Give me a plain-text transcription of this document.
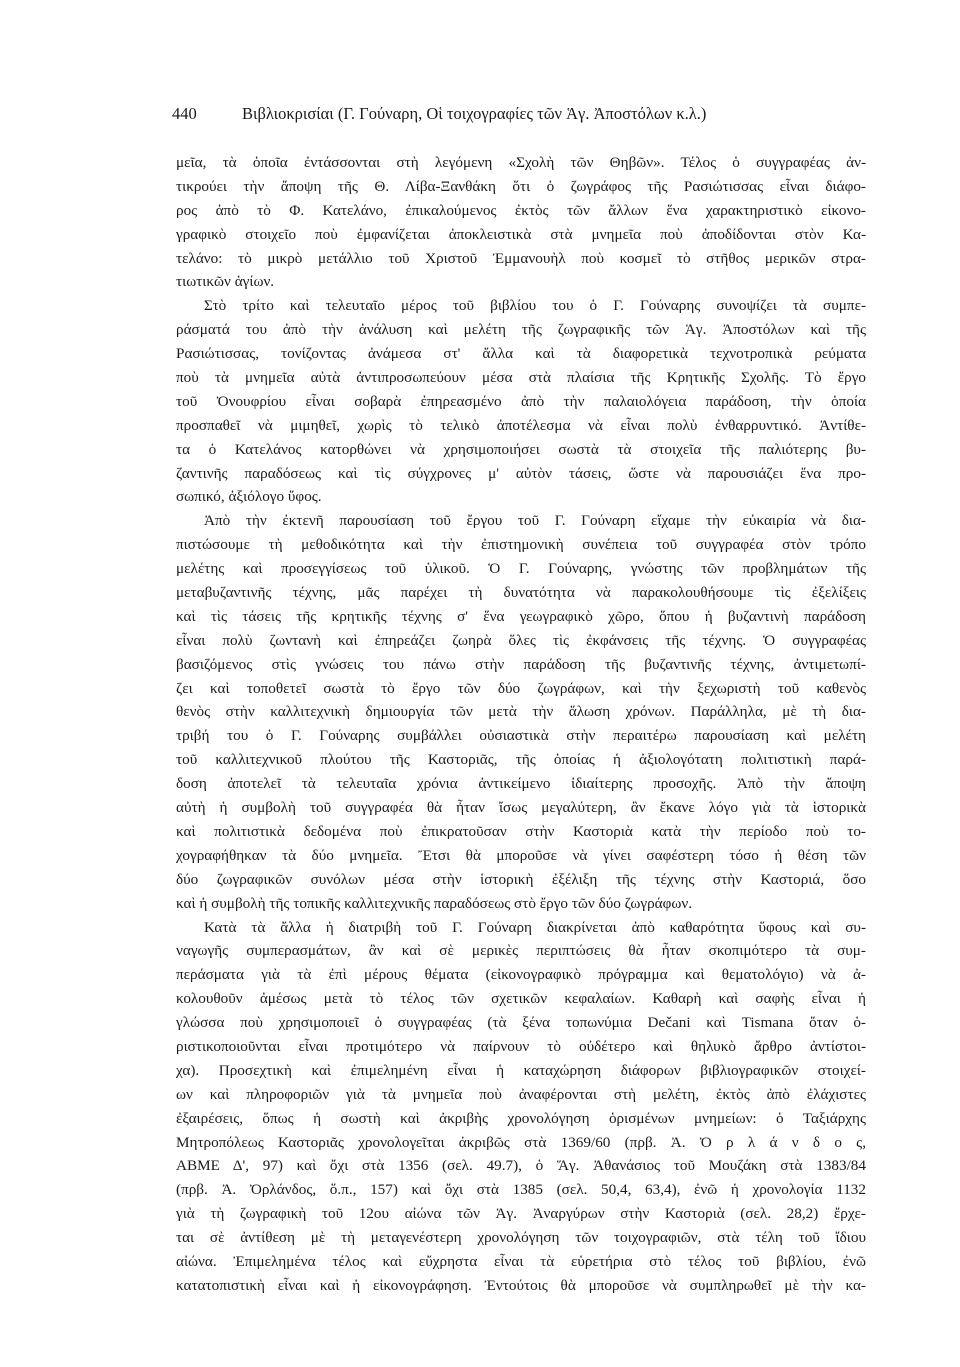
440	Βιβλιοκρισίαι (Γ. Γούναρη, Οἱ τοιχογραφίες τῶν Ἁγ. Ἀποστόλων κ.λ.)
μεῖα, τὰ ὁποῖα ἐντάσσονται στὴ λεγόμενη «Σχολὴ τῶν Θηβῶν». Τέλος ὁ συγγραφέας ἀν-
τικρούει τὴν ἄποψη τῆς Θ. Λίβα-Ξανθάκη ὅτι ὁ ζωγράφος τῆς Ρασιώτισσας εἶναι διάφο-
ρος ἀπὸ τὸ Φ. Κατελάνο, ἐπικαλούμενος ἐκτὸς τῶν ἄλλων ἕνα χαρακτηριστικὸ εἰκονο-
γραφικὸ στοιχεῖο ποὺ ἐμφανίζεται ἀποκλειστικὰ στὰ μνημεῖα ποὺ ἀποδίδονται στὸν Κα-
τελάνο: τὸ μικρὸ μετάλλιο τοῦ Χριστοῦ Ἐμμανουὴλ ποὺ κοσμεῖ τὸ στῆθος μερικῶν στρα-
τιωτικῶν ἁγίων.
Στὸ τρίτο καὶ τελευταῖο μέρος τοῦ βιβλίου του ὁ Γ. Γούναρης συνοψίζει τὰ συμπε-
ράσματά του ἀπὸ τὴν ἀνάλυση καὶ μελέτη τῆς ζωγραφικῆς τῶν Ἁγ. Ἀποστόλων καὶ τῆς
Ρασιώτισσας, τονίζοντας ἀνάμεσα στ' ἄλλα καὶ τὰ διαφορετικὰ τεχνοτροπικὰ ρεύματα
ποὺ τὰ μνημεῖα αὐτὰ ἀντιπροσωπεύουν μέσα στὰ πλαίσια τῆς Κρητικῆς Σχολῆς. Τὸ ἔργο
τοῦ Ὀνουφρίου εἶναι σοβαρὰ ἐπηρεασμένο ἀπὸ τὴν παλαιολόγεια παράδοση, τὴν ὁποία
προσπαθεῖ νὰ μιμηθεῖ, χωρὶς τὸ τελικὸ ἀποτέλεσμα νὰ εἶναι πολὺ ἐνθαρρυντικό. Ἀντίθε-
τα ὁ Κατελάνος κατορθώνει νὰ χρησιμοποιήσει σωστὰ τὰ στοιχεῖα τῆς παλιότερης βυ-
ζαντινῆς παραδόσεως καὶ τὶς σύγχρονες μ' αὐτὸν τάσεις, ὥστε νὰ παρουσιάζει ἕνα προ-
σωπικό, ἀξιόλογο ὕφος.
Ἀπὸ τὴν ἐκτενῆ παρουσίαση τοῦ ἔργου τοῦ Γ. Γούναρη εἴχαμε τὴν εὐκαιρία νὰ δια-
πιστώσουμε τὴ μεθοδικότητα καὶ τὴν ἐπιστημονικὴ συνέπεια τοῦ συγγραφέα στὸν τρόπο
μελέτης καὶ προσεγγίσεως τοῦ ὑλικοῦ. Ὁ Γ. Γούναρης, γνώστης τῶν προβλημάτων τῆς
μεταβυζαντινῆς τέχνης, μᾶς παρέχει τὴ δυνατότητα νὰ παρακολουθήσουμε τὶς ἐξελίξεις
καὶ τὶς τάσεις τῆς κρητικῆς τέχνης σ' ἕνα γεωγραφικὸ χῶρο, ὅπου ἡ βυζαντινὴ παράδοση
εἶναι πολὺ ζωντανὴ καὶ ἐπηρεάζει ζωηρὰ ὅλες τὶς ἐκφάνσεις τῆς τέχνης. Ὁ συγγραφέας
βασιζόμενος στὶς γνώσεις του πάνω στὴν παράδοση τῆς βυζαντινῆς τέχνης, ἀντιμετωπί-
ζει καὶ τοποθετεῖ σωστὰ τὸ ἔργο τῶν δύο ζωγράφων, καὶ τὴν ξεχωριστὴ τοῦ καθενὸς
θενὸς στὴν καλλιτεχνικὴ δημιουργία τῶν μετὰ τὴν ἅλωση χρόνων. Παράλληλα, μὲ τὴ δια-
τριβή του ὁ Γ. Γούναρης συμβάλλει οὐσιαστικὰ στὴν περαιτέρω παρουσίαση καὶ μελέτη
τοῦ καλλιτεχνικοῦ πλούτου τῆς Καστοριᾶς, τῆς ὁποίας ἡ ἀξιολογότατη πολιτιστικὴ παρά-
δοση ἀποτελεῖ τὰ τελευταῖα χρόνια ἀντικείμενο ἰδιαίτερης προσοχῆς. Ἀπὸ τὴν ἄποψη
αὐτὴ ἡ συμβολὴ τοῦ συγγραφέα θὰ ἦταν ἴσως μεγαλύτερη, ἂν ἔκανε λόγο γιὰ τὰ ἱστορικὰ
καὶ πολιτιστικὰ δεδομένα ποὺ ἐπικρατοῦσαν στὴν Καστοριὰ κατὰ τὴν περίοδο ποὺ το-
χογραφήθηκαν τὰ δύο μνημεῖα. Ἔτσι θὰ μποροῦσε νὰ γίνει σαφέστερη τόσο ἡ θέση τῶν
δύο ζωγραφικῶν συνόλων μέσα στὴν ἱστορικὴ ἐξέλιξη τῆς τέχνης στὴν Καστοριά, ὅσο
καὶ ἡ συμβολὴ τῆς τοπικῆς καλλιτεχνικῆς παραδόσεως στὸ ἔργο τῶν δύο ζωγράφων.
Κατὰ τὰ ἄλλα ἡ διατριβὴ τοῦ Γ. Γούναρη διακρίνεται ἀπὸ καθαρότητα ὕφους καὶ συ-
ναγωγῆς συμπερασμάτων, ἂν καὶ σὲ μερικὲς περιπτώσεις θὰ ἦταν σκοπιμότερο τὰ συμ-
περάσματα γιὰ τὰ ἐπὶ μέρους θέματα (εἰκονογραφικὸ πρόγραμμα καὶ θεματολόγιο) νὰ ἀ-
κολουθοῦν ἀμέσως μετὰ τὸ τέλος τῶν σχετικῶν κεφαλαίων. Καθαρὴ καὶ σαφὴς εἶναι ἡ
γλώσσα ποὺ χρησιμοποιεῖ ὁ συγγραφέας (τὰ ξένα τοπωνύμια Dečani καὶ Tismana ὅταν ὁ-
ριστικοποιοῦνται εἶναι προτιμότερο νὰ παίρνουν τὸ οὐδέτερο καὶ θηλυκὸ ἄρθρο ἀντίστοι-
χα). Προσεχτικὴ καὶ ἐπιμελημένη εἶναι ἡ καταχώρηση διάφορων βιβλιογραφικῶν στοιχεί-
ων καὶ πληροφοριῶν γιὰ τὰ μνημεῖα ποὺ ἀναφέρονται στὴ μελέτη, ἐκτὸς ἀπὸ ἐλάχιστες
ἐξαιρέσεις, ὅπως ἡ σωστὴ καὶ ἀκριβὴς χρονολόγηση ὁρισμένων μνημείων: ὁ Ταξιάρχης
Μητροπόλεως Καστοριᾶς χρονολογεῖται ἀκριβῶς στὰ 1369/60 (πρβ. Ἀ. Ὀ ρ λ ά ν δ ο ς,
ΑΒΜΕ Δ', 97) καὶ ὄχι στὰ 1356 (σελ. 49.7), ὁ Ἅγ. Ἀθανάσιος τοῦ Μουζάκη στὰ 1383/84
(πρβ. Ἀ. Ὀρλάνδος, ὅ.π., 157) καὶ ὄχι στὰ 1385 (σελ. 50,4, 63,4), ἐνῶ ἡ χρονολογία 1132
γιὰ τὴ ζωγραφικὴ τοῦ 12ου αἰώνα τῶν Ἁγ. Ἀναργύρων στὴν Καστοριὰ (σελ. 28,2) ἔρχε-
ται σὲ ἀντίθεση μὲ τὴ μεταγενέστερη χρονολόγηση τῶν τοιχογραφιῶν, στὰ τέλη τοῦ ἴδιου
αἰώνα. Ἐπιμελημένα τέλος καὶ εὔχρηστα εἶναι τὰ εὑρετήρια στὸ τέλος τοῦ βιβλίου, ἐνῶ
κατατοπιστικὴ εἶναι καὶ ἡ εἰκονογράφηση. Ἐντούτοις θὰ μποροῦσε νὰ συμπληρωθεῖ μὲ τὴν κα-
